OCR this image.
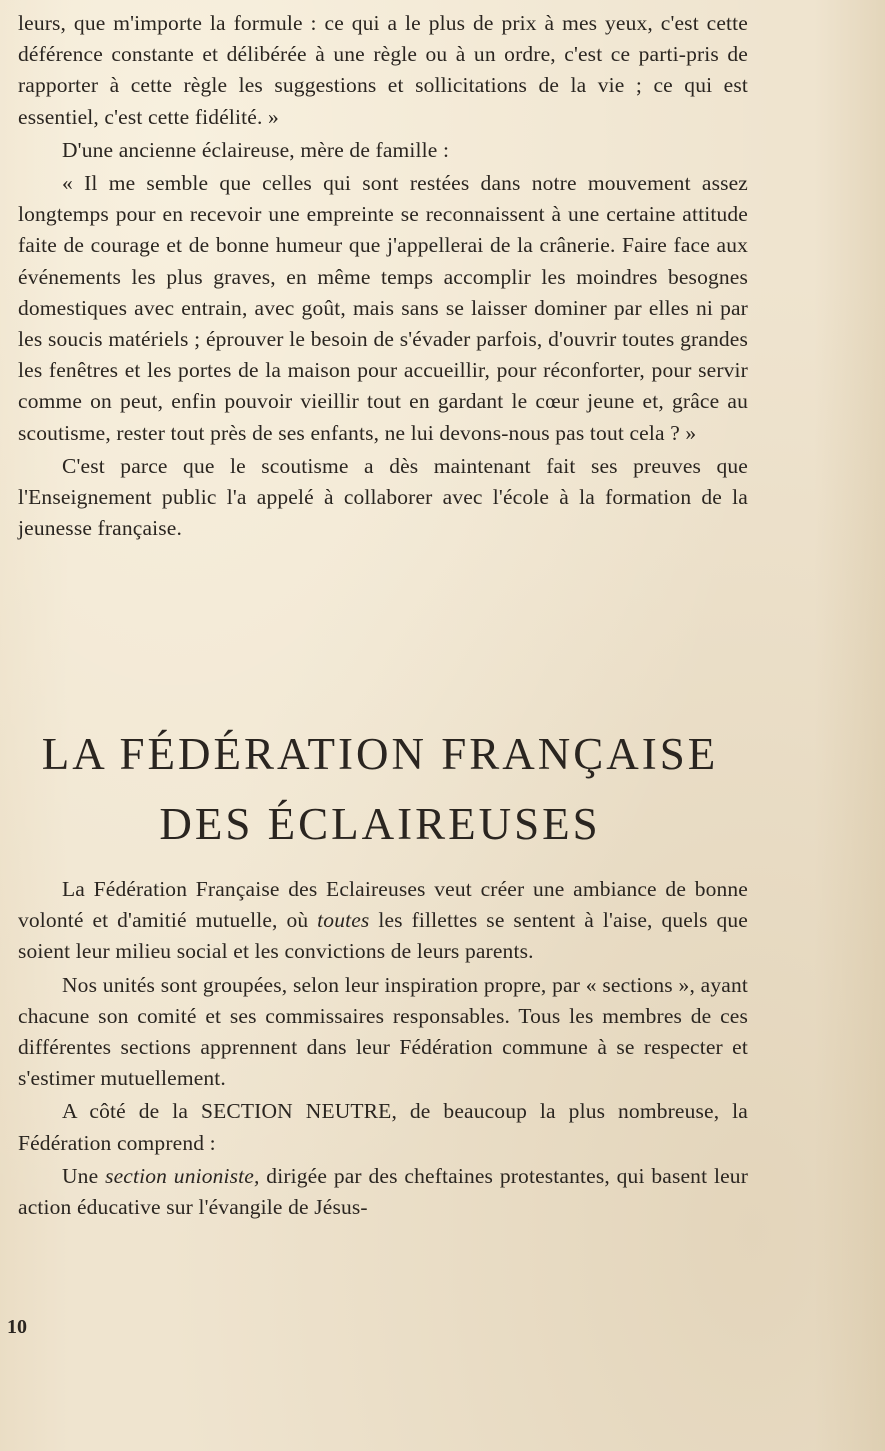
leurs, que m'importe la formule : ce qui a le plus de prix à mes yeux, c'est cette déférence constante et délibérée à une règle ou à un ordre, c'est ce parti-pris de rapporter à cette règle les suggestions et sollicitations de la vie ; ce qui est essentiel, c'est cette fidélité. »

D'une ancienne éclaireuse, mère de famille :

« Il me semble que celles qui sont restées dans notre mouvement assez longtemps pour en recevoir une empreinte se reconnaissent à une certaine attitude faite de courage et de bonne humeur que j'appellerai de la crânerie. Faire face aux événements les plus graves, en même temps accomplir les moindres besognes domestiques avec entrain, avec goût, mais sans se laisser dominer par elles ni par les soucis matériels ; éprouver le besoin de s'évader parfois, d'ouvrir toutes grandes les fenêtres et les portes de la maison pour accueillir, pour réconforter, pour servir comme on peut, enfin pouvoir vieillir tout en gardant le cœur jeune et, grâce au scoutisme, rester tout près de ses enfants, ne lui devons-nous pas tout cela ? »

C'est parce que le scoutisme a dès maintenant fait ses preuves que l'Enseignement public l'a appelé à collaborer avec l'école à la formation de la jeunesse française.

LA FÉDÉRATION FRANÇAISE
DES ÉCLAIREUSES

La Fédération Française des Eclaireuses veut créer une ambiance de bonne volonté et d'amitié mutuelle, où toutes les fillettes se sentent à l'aise, quels que soient leur milieu social et les convictions de leurs parents.

Nos unités sont groupées, selon leur inspiration propre, par « sections », ayant chacune son comité et ses commissaires responsables. Tous les membres de ces différentes sections apprennent dans leur Fédération commune à se respecter et s'estimer mutuellement.

A côté de la SECTION NEUTRE, de beaucoup la plus nombreuse, la Fédération comprend :

Une section unioniste, dirigée par des cheftaines protestantes, qui basent leur action éducative sur l'évangile de Jésus-

10
